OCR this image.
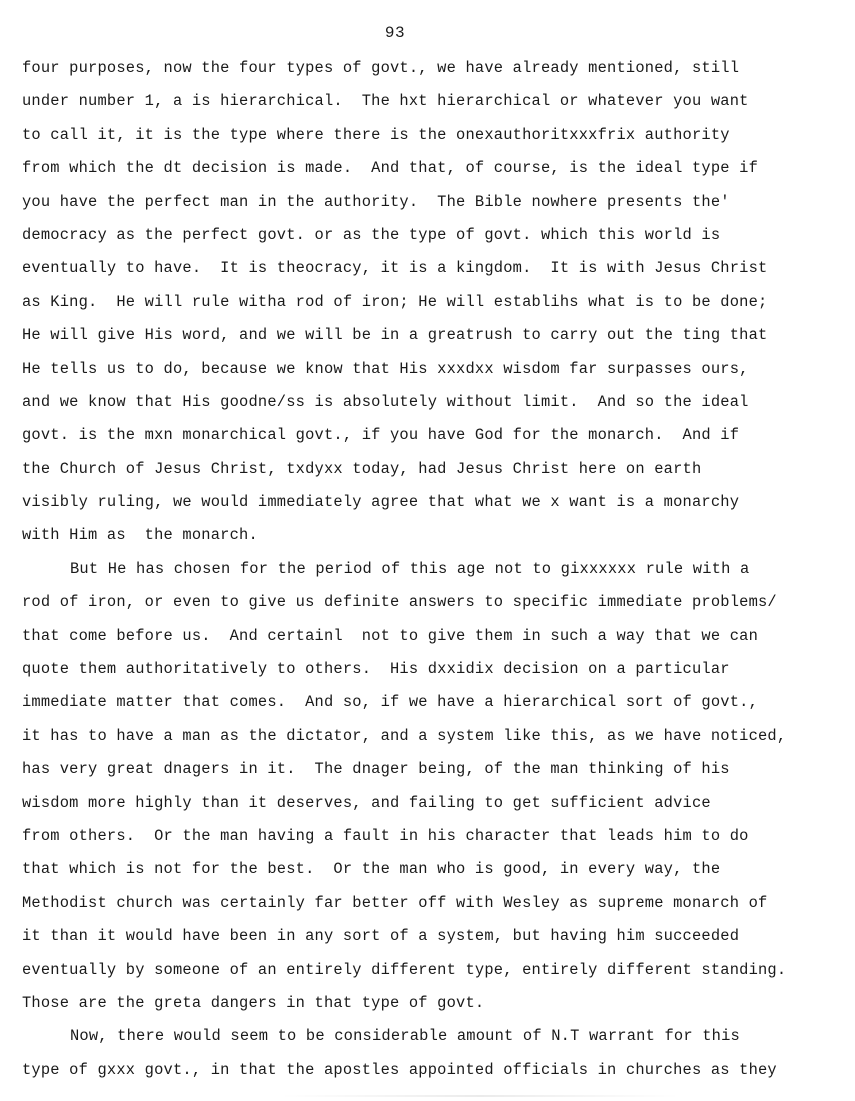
93
four purposes, now the four types of govt., we have already mentioned, still
under number 1, a is hierarchical.  The hxt hierarchical or whatever you want
to call it, it is the type where there is the onexauthoritxxxfrix authority
from which the dt decision is made.  And that, of course, is the ideal type if
you have the perfect man in the authority.  The Bible nowhere presents the'
democracy as the perfect govt. or as the type of govt. which this world is
eventually to have.  It is theocracy, it is a kingdom.  It is with Jesus Christ
as King.  He will rule witha rod of iron; He will establihs what is to be done;
He will give His word, and we will be in a greatrush to carry out the ting that
He tells us to do, because we know that His xxxdxx wisdom far surpasses ours,
and we know that His goodne/ss is absolutely without limit.  And so the ideal
govt. is the mxn monarchical govt., if you have God for the monarch.  And if
the Church of Jesus Christ, txdyxx today, had Jesus Christ here on earth
visibly ruling, we would immediately agree that what we x want is a monarchy
with Him as  the monarch.
But He has chosen for the period of this age not to gixxxxxx rule with a
rod of iron, or even to give us definite answers to specific immediate problems/
that come before us.  And certainl  not to give them in such a way that we can
quote them authoritatively to others.  His dxxidix decision on a particular
immediate matter that comes.  And so, if we have a hierarchical sort of govt.,
it has to have a man as the dictator, and a system like this, as we have noticed,
has very great dnagers in it.  The dnager being, of the man thinking of his
wisdom more highly than it deserves, and failing to get sufficient advice
from others.  Or the man having a fault in his character that leads him to do
that which is not for the best.  Or the man who is good, in every way, the
Methodist church was certainly far better off with Wesley as supreme monarch of
it than it would have been in any sort of a system, but having him succeeded
eventually by someone of an entirely different type, entirely different standing.
Those are the greta dangers in that type of govt.
Now, there would seem to be considerable amount of N.T warrant for this
type of gxxx govt., in that the apostles appointed officials in churches as they
